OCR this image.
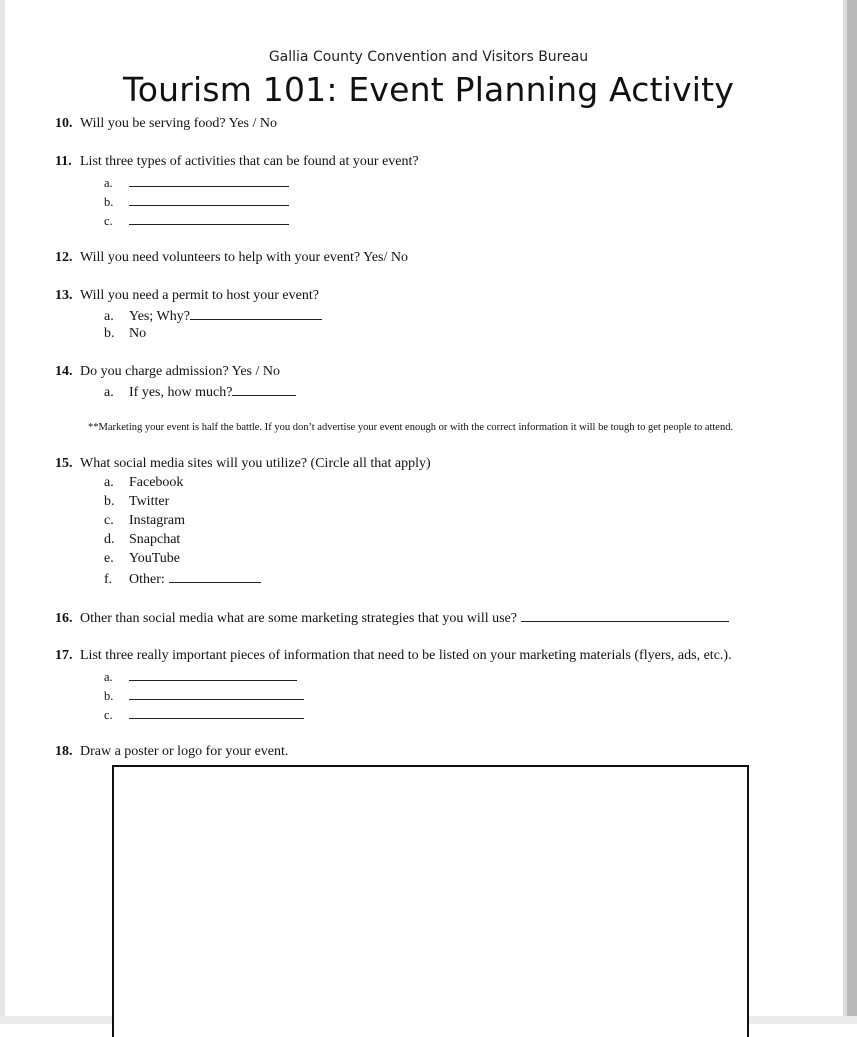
Gallia County Convention and Visitors Bureau
Tourism 101: Event Planning Activity
10. Will you be serving food? Yes / No
11. List three types of activities that can be found at your event?
a.
b.
c.
12. Will you need volunteers to help with your event? Yes/ No
13. Will you need a permit to host your event?
a. Yes; Why?
b. No
14. Do you charge admission? Yes / No
a. If yes, how much?
**Marketing your event is half the battle. If you don’t advertise your event enough or with the correct information it will be tough to get people to attend.
15. What social media sites will you utilize? (Circle all that apply)
a. Facebook
b. Twitter
c. Instagram
d. Snapchat
e. YouTube
f. Other:
16. Other than social media what are some marketing strategies that you will use?
17. List three really important pieces of information that need to be listed on your marketing materials (flyers, ads, etc.).
a.
b.
c.
18. Draw a poster or logo for your event.
